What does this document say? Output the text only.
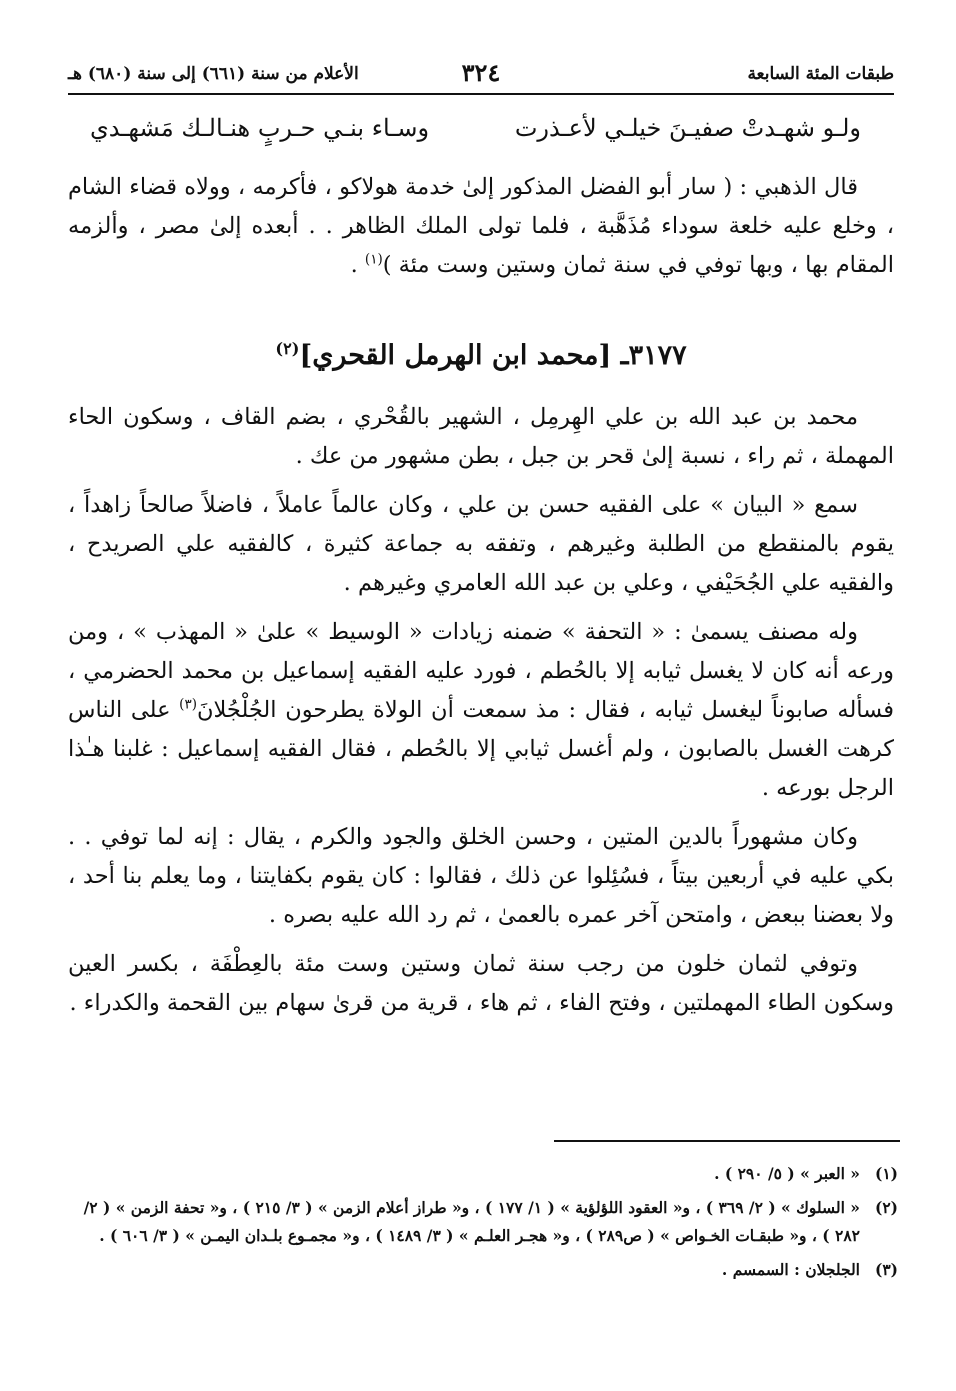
طبقات المئة السابعة
٣٢٤
الأعلام من سنة (٦٦١) إلى سنة (٦٨٠) هـ
ولـو شهـدتْ صفيـنَ خيلـي لأعـذرت
وسـاء بنـي حـربٍ هنـالـك مَشهـدي

قال الذهبي : ( سار أبو الفضل المذكور إلىٰ خدمة هولاكو ، فأكرمه ، وولاه قضاء الشام ، وخلع عليه خلعة سوداء مُذَهَّبة ، فلما تولى الملك الظاهر . . أبعده إلىٰ مصر ، وألزمه المقام بها ، وبها توفي في سنة ثمان وستين وست مئة )$^{(١)}$ .

٣١٧٧ـ [محمد ابن الهرمل القحري]$^{(٢)}$

محمد بن عبد الله بن علي الهِرمِل ، الشهير بالقُحْري ، بضم القاف ، وسكون الحاء المهملة ، ثم راء ، نسبة إلىٰ قحر بن جبل ، بطن مشهور من عك .

سمع « البيان » على الفقيه حسن بن علي ، وكان عالماً عاملاً ، فاضلاً صالحاً زاهداً ، يقوم بالمنقطع من الطلبة وغيرهم ، وتفقه به جماعة كثيرة ، كالفقيه علي الصريدح ، والفقيه علي الجُحَيْفي ، وعلي بن عبد الله العامري وغيرهم .

وله مصنف يسمىٰ : « التحفة » ضمنه زيادات « الوسيط » علىٰ « المهذب » ، ومن ورعه أنه كان لا يغسل ثيابه إلا بالحُطم ، فورد عليه الفقيه إسماعيل بن محمد الحضرمي ، فسأله صابوناً ليغسل ثيابه ، فقال : مذ سمعت أن الولاة يطرحون الجُلْجُلانَ$^{(٣)}$ على الناس كرهت الغسل بالصابون ، ولم أغسل ثيابي إلا بالحُطم ، فقال الفقيه إسماعيل : غلبنا هـٰذا الرجل بورعه .

وكان مشهوراً بالدين المتين ، وحسن الخلق والجود والكرم ، يقال : إنه لما توفي . . بكي عليه في أربعين بيتاً ، فسُئِلوا عن ذلك ، فقالوا : كان يقوم بكفايتنا ، وما يعلم بنا أحد ، ولا بعضنا ببعض ، وامتحن آخر عمره بالعمىٰ ، ثم رد الله عليه بصره .

وتوفي لثمان خلون من رجب سنة ثمان وستين وست مئة بالعِطْفَة ، بكسر العين وسكون الطاء المهملتين ، وفتح الفاء ، ثم هاء ، قرية من قرىٰ سهام بين القحمة والكدراء .

(١)
« العبر » ( ٥/ ٢٩٠ ) .
(٢)
« السلوك » ( ٢/ ٣٦٩ ) ، و« العقود اللؤلؤية » ( ١/ ١٧٧ ) ، و« طراز أعلام الزمن » ( ٣/ ٢١٥ ) ، و« تحفة الزمن » ( ٢/ ٢٨٢ ) ، و« طبقـات الخـواص » ( ص٢٨٩ ) ، و« هجـر العلـم » ( ٣/ ١٤٨٩ ) ، و« مجمـوع بلـدان اليمـن » ( ٣/ ٦٠٦ ) .
(٣)
الجلجلان : السمسم .
